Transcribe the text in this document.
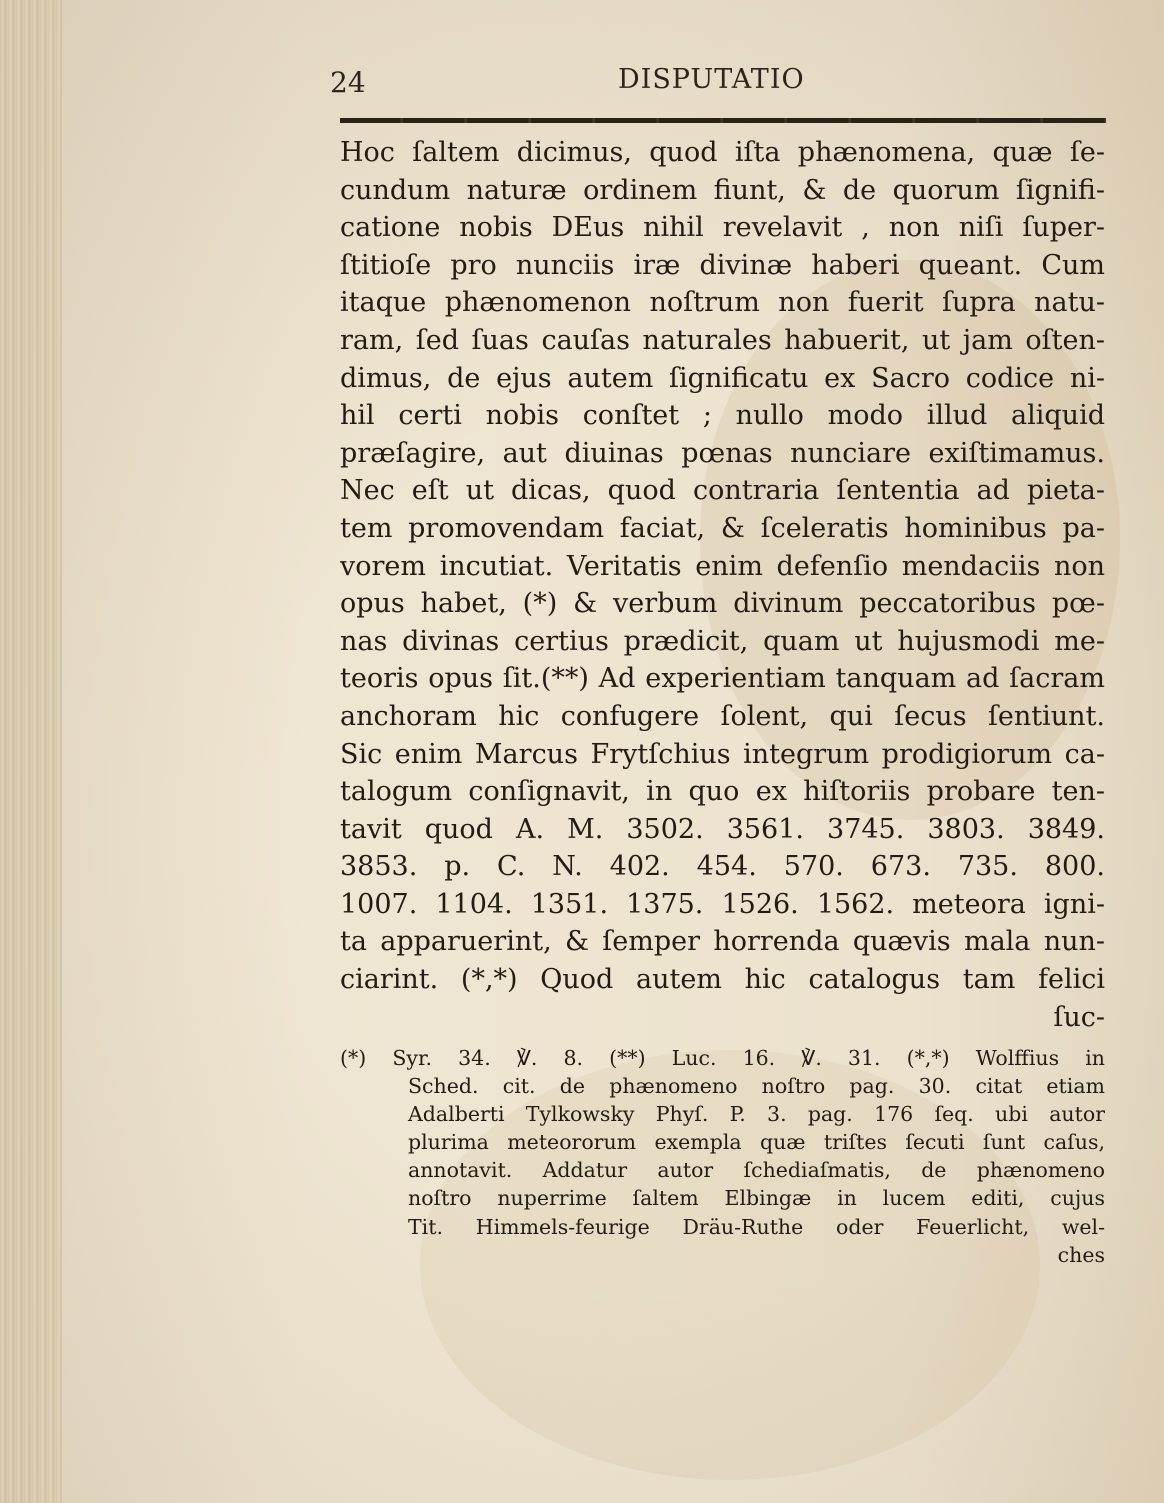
24	DISPUTATIO
Hoc ſaltem dicimus, quod iſta phænomena, quæ ſe-
cundum naturæ ordinem fiunt, & de quorum ſignifi-
catione nobis DEus nihil revelavit , non niſi ſuper-
ſtitioſe pro nunciis iræ divinæ haberi queant. Cum
itaque phænomenon noſtrum non fuerit ſupra natu-
ram, ſed ſuas cauſas naturales habuerit, ut jam oſten-
dimus, de ejus autem ſignificatu ex Sacro codice ni-
hil certi nobis conſtet ; nullo modo illud aliquid
præſagire, aut diuinas pœnas nunciare exiſtimamus.
Nec eſt ut dicas, quod contraria ſententia ad pieta-
tem promovendam faciat, & ſceleratis hominibus pa-
vorem incutiat. Veritatis enim defenſio mendaciis non
opus habet, (*) & verbum divinum peccatoribus pœ-
nas divinas certius prædicit, quam ut hujusmodi me-
teoris opus ſit.(**) Ad experientiam tanquam ad ſacram
anchoram hic confugere ſolent, qui ſecus ſentiunt.
Sic enim Marcus Frytſchius integrum prodigiorum ca-
talogum conſignavit, in quo ex hiſtoriis probare ten-
tavit quod A. M. 3502. 3561. 3745. 3803. 3849.
3853. p. C. N. 402. 454. 570. 673. 735. 800.
1007. 1104. 1351. 1375. 1526. 1562. meteora igni-
ta apparuerint, & ſemper horrenda quævis mala nun-
ciarint. (*,*) Quod autem hic catalogus tam felici
ſuc-
(*) Syr. 34. ℣. 8. (**) Luc. 16. ℣. 31. (*,*) Wolffius in
Sched. cit. de phænomeno noſtro pag. 30. citat etiam
Adalberti Tylkowsky Phyſ. P. 3. pag. 176 ſeq. ubi autor
plurima meteororum exempla quæ triſtes ſecuti ſunt caſus,
annotavit. Addatur autor ſchediaſmatis, de phænomeno
noſtro nuperrime ſaltem Elbingæ in lucem editi, cujus
Tit. Himmels-feurige Dräu-Ruthe oder Feuerlicht, wel-
ches
